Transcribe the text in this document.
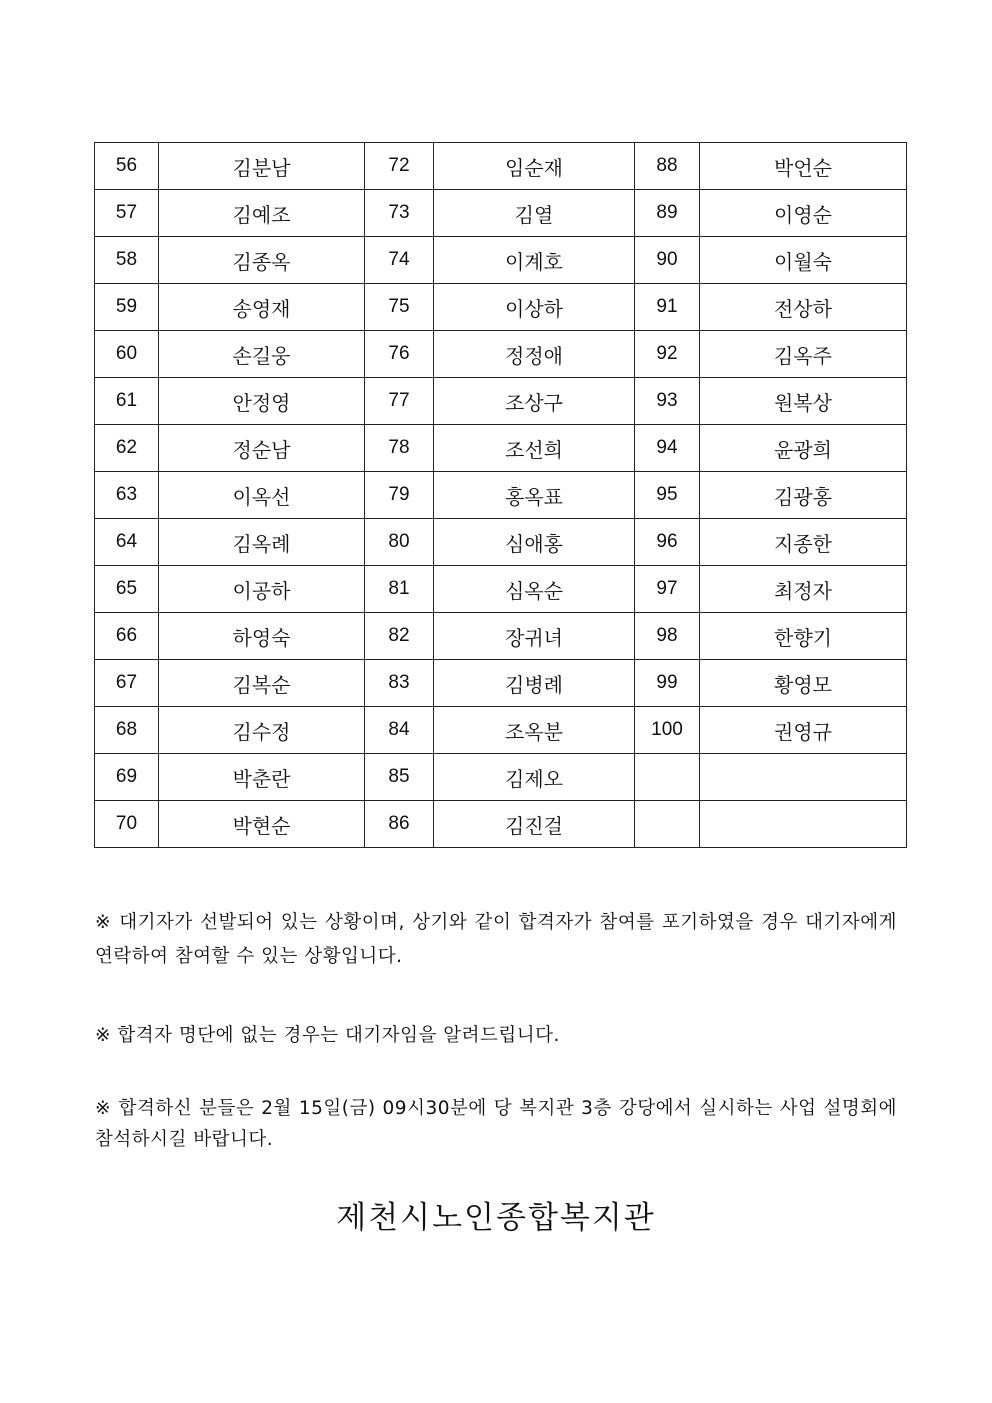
56	김분남	72	임순재	88	박언순
57	김예조	73	김열	89	이영순
58	김종옥	74	이계호	90	이월숙
59	송영재	75	이상하	91	전상하
60	손길웅	76	정정애	92	김옥주
61	안정영	77	조상구	93	원복상
62	정순남	78	조선희	94	윤광희
63	이옥선	79	홍옥표	95	김광홍
64	김옥례	80	심애홍	96	지종한
65	이공하	81	심옥순	97	최정자
66	하영숙	82	장귀녀	98	한향기
67	김복순	83	김병례	99	황영모
68	김수정	84	조옥분	100	권영규
69	박춘란	85	김제오		
70	박현순	86	김진걸		

※ 대기자가 선발되어 있는 상황이며, 상기와 같이 합격자가 참여를 포기하였을 경우 대기자에게 연락하여 참여할 수 있는 상황입니다.

※ 합격자 명단에 없는 경우는 대기자임을 알려드립니다.

※ 합격하신 분들은 2월 15일(금) 09시30분에 당 복지관 3층 강당에서 실시하는 사업 설명회에 참석하시길 바랍니다.

제천시노인종합복지관
